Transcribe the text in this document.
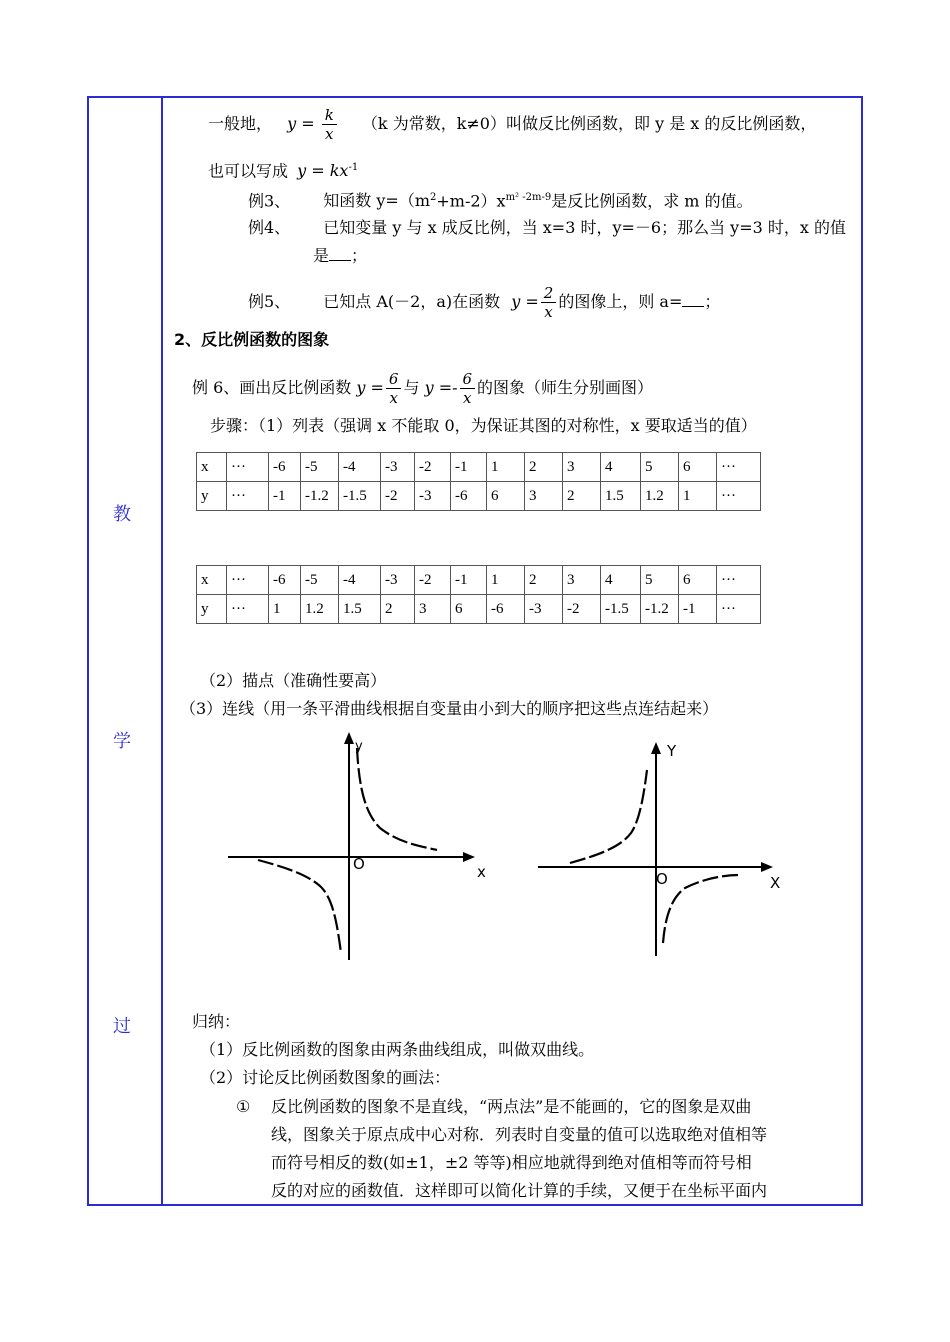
教
学
过
一般地， $y = \frac{k}{x} (k$ 为常数，k≠0）叫做反比例函数，即 y 是 x 的反比例函数，
也可以写成 $y = kx^{-1}$
例3、 知函数 $y=(m^2+m-2)x^{m^2 -2m-9}$是反比例函数，求 m 的值。
例4、 已知变量 y 与 x 成反比例，当 x=3 时，y=－6；那么当 y=3 时，x 的值
是 ；
例5、 已知点 A(－2，a)在函数 $y = \frac{2}{x}$ 的图像上，则 a= ；
2、反比例函数的图象
例 6、画出反比例函数 $y = \frac{6}{x}$ 与 $y =- \frac{6}{x}$ 的图象（师生分别画图）
步骤：（1）列表（强调 x 不能取 0，为保证其图的对称性，x 要取适当的值）
x	···	-6	-5	-4	-3	-2	-1	1	2	3	4	5	6	···
y	···	-1	-1.2	-1.5	-2	-3	-6	6	3	2	1.5	1.2	1	···
x	···	-6	-5	-4	-3	-2	-1	1	2	3	4	5	6	···
y	···	1	1.2	1.5	2	3	6	-6	-3	-2	-1.5	-1.2	-1	···
（2）描点（准确性要高）
（3）连线（用一条平滑曲线根据自变量由小到大的顺序把这些点连结起来）
y
O	x
Y
O	X
归纳：
（1）反比例函数的图象由两条曲线组成，叫做双曲线。
（2）讨论反比例函数图象的画法：
① 反比例函数的图象不是直线，“两点法”是不能画的，它的图象是双曲
线，图象关于原点成中心对称．列表时自变量的值可以选取绝对值相等
而符号相反的数(如±1，±2 等等)相应地就得到绝对值相等而符号相
反的对应的函数值．这样即可以简化计算的手续，又便于在坐标平面内
